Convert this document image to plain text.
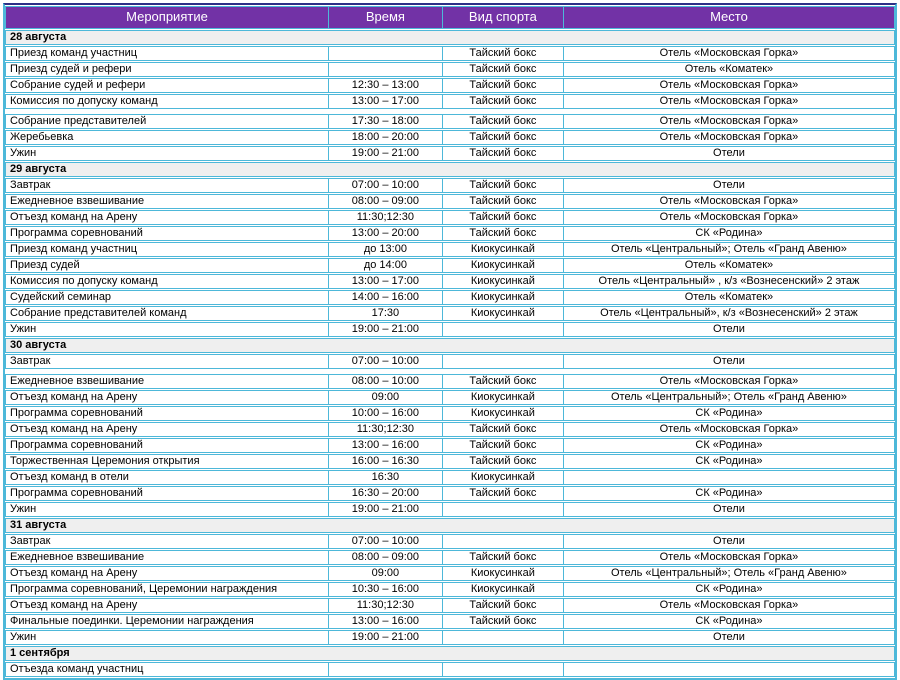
Мероприятие	Время	Вид спорта	Место
28 августа			
Приезд команд участниц		Тайский бокс	Отель «Московская Горка»
Приезд судей и рефери		Тайский бокс	Отель «Коматек»
Собрание судей и рефери	12:30 – 13:00	Тайский бокс	Отель «Московская Горка»
Комиссия по допуску команд	13:00 – 17:00	Тайский бокс	Отель «Московская Горка»

Собрание представителей	17:30 – 18:00	Тайский бокс	Отель «Московская Горка»
Жеребьевка	18:00 – 20:00	Тайский бокс	Отель «Московская Горка»
Ужин	19:00 – 21:00	Тайский бокс	Отели
29 августа			
Завтрак	07:00 – 10:00	Тайский бокс	Отели
Ежедневное взвешивание	08:00 – 09:00	Тайский бокс	Отель «Московская Горка»
Отъезд команд на Арену	11:30;12:30	Тайский бокс	Отель «Московская Горка»
Программа соревнований	13:00 – 20:00	Тайский бокс	СК «Родина»
Приезд команд участниц	до 13:00	Киокусинкай	Отель «Центральный»; Отель «Гранд Авеню»
Приезд судей	до 14:00	Киокусинкай	Отель «Коматек»
Комиссия по допуску команд	13:00 – 17:00	Киокусинкай	Отель «Центральный» , к/з «Вознесенский» 2 этаж
Судейский семинар	14:00 – 16:00	Киокусинкай	Отель «Коматек»
Собрание представителей команд	17:30	Киокусинкай	Отель «Центральный», к/з «Вознесенский» 2 этаж
Ужин	19:00 – 21:00		Отели
30 августа			
Завтрак	07:00 – 10:00		Отели

Ежедневное взвешивание	08:00 – 10:00	Тайский бокс	Отель «Московская Горка»
Отъезд команд на Арену	09:00	Киокусинкай	Отель «Центральный»; Отель «Гранд Авеню»
Программа соревнований	10:00 – 16:00	Киокусинкай	СК «Родина»
Отъезд команд на Арену	11:30;12:30	Тайский бокс	Отель «Московская Горка»
Программа соревнований	13:00 – 16:00	Тайский бокс	СК «Родина»
Торжественная Церемония открытия	16:00 – 16:30	Тайский бокс	СК «Родина»
Отъезд команд в отели	16:30	Киокусинкай	
Программа соревнований	16:30 – 20:00	Тайский бокс	СК «Родина»
Ужин	19:00 – 21:00		Отели
31 августа			
Завтрак	07:00 – 10:00		Отели
Ежедневное взвешивание	08:00 – 09:00	Тайский бокс	Отель «Московская Горка»
Отъезд команд на Арену	09:00	Киокусинкай	Отель «Центральный»; Отель «Гранд Авеню»
Программа соревнований, Церемонии награждения	10:30 – 16:00	Киокусинкай	СК «Родина»
Отъезд команд на Арену	11:30;12:30	Тайский бокс	Отель «Московская Горка»
Финальные поединки. Церемонии награждения	13:00 – 16:00	Тайский бокс	СК «Родина»
Ужин	19:00 – 21:00		Отели
1 сентября			
Отъезда команд участниц			
